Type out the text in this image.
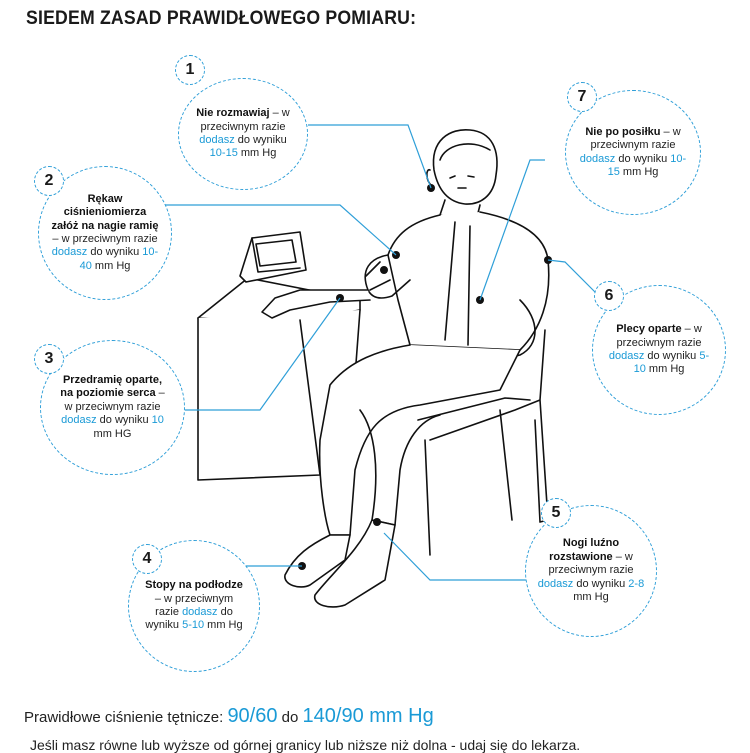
SIEDEM ZASAD PRAWIDŁOWEGO POMIARU:
Nie rozmawiaj – w przeciwnym razie dodasz do wyniku 10-15 mm Hg
1
Rękaw ciśnieniomierza załóż na nagie ramię – w przeciwnym razie dodasz do wyniku 10-40 mm Hg
2
Przedramię oparte, na poziomie serca – w przeciwnym razie dodasz do wyniku 10 mm HG
3
Stopy na podłodze – w przeciwnym razie dodasz do wyniku 5-10 mm Hg
4
Nogi luźno rozstawione – w przeciwnym razie dodasz do wyniku 2-8 mm Hg
5
Plecy oparte – w przeciwnym razie dodasz do wyniku 5-10 mm Hg
6
Nie po posiłku – w przeciwnym razie dodasz do wyniku 10-15 mm Hg
7
Prawidłowe ciśnienie tętnicze: 90/60 do 140/90 mm Hg
Jeśli masz równe lub wyższe od górnej granicy lub niższe niż dolna - udaj się do lekarza.
